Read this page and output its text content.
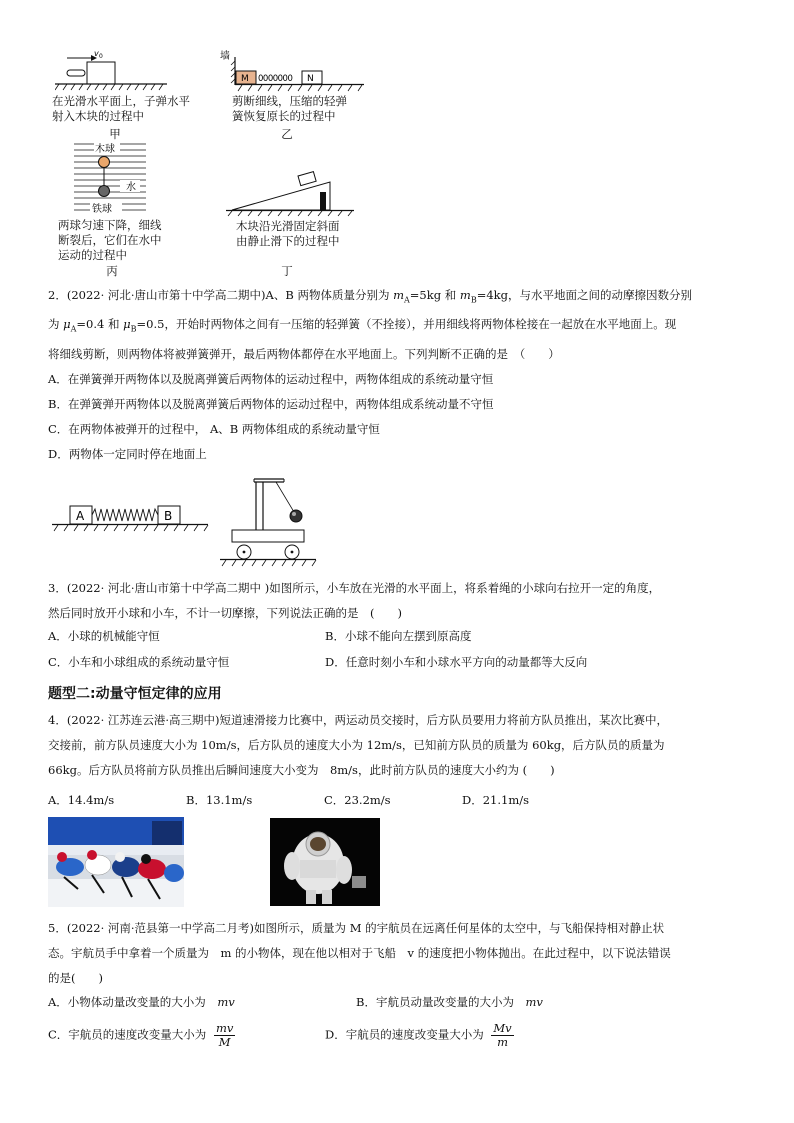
v 0
在光滑水平面上，子弹水平
射入木块的过程中
甲
墙
M 0000000 N
剪断细线，压缩的轻弹
簧恢复原长的过程中
乙
木球
水
铁球
两球匀速下降，细线
断裂后，它们在水中
运动的过程中
丙
木块沿光滑固定斜面
由静止滑下的过程中
丁
2．(2022· 河北·唐山市第十中学高二期中)A、B 两物体质量分别为 $m_A=5kg$ 和 $m_B=4kg$，与水平地面之间的动摩擦因数分别
为 $\mu_A=0.4$ 和 $\mu_B=0.5$，开始时两物体之间有一压缩的轻弹簧（不拴接），并用细线将两物体栓接在一起放在水平地面上。现
将细线剪断，则两物体将被弹簧弹开，最后两物体都停在水平地面上。下列判断不正确的是　（　　）
A．在弹簧弹开两物体以及脱离弹簧后两物体的运动过程中，两物体组成的系统动量守恒
B．在弹簧弹开两物体以及脱离弹簧后两物体的运动过程中，两物体组成系统动量不守恒
C．在两物体被弹开的过程中， A、B 两物体组成的系统动量守恒
D．两物体一定同时停在地面上
A	B
3．(2022· 河北·唐山市第十中学高二期中 )如图所示，小车放在光滑的水平面上，将系着绳的小球向右拉开一定的角度，
然后同时放开小球和小车，不计一切摩擦，下列说法正确的是　(　　)
A．小球的机械能守恒	B．小球不能向左摆到原高度
C．小车和小球组成的系统动量守恒	D．任意时刻小车和小球水平方向的动量都等大反向
题型二:动量守恒定律的应用
4．(2022· 江苏连云港·高三期中)短道速滑接力比赛中，两运动员交接时，后方队员要用力将前方队员推出，某次比赛中，
交接前，前方队员速度大小为 10m/s，后方队员的速度大小为 12m/s，已知前方队员的质量为 60kg，后方队员的质量为
66kg。后方队员将前方队员推出后瞬间速度大小变为　8m/s，此时前方队员的速度大小约为 (　　)
A．14.4m/s	B．13.1m/s	C．23.2m/s	D．21.1m/s
5．(2022· 河南·范县第一中学高二月考)如图所示，质量为 M 的宇航员在远离任何星体的太空中，与飞船保持相对静止状
态。宇航员手中拿着一个质量为　m 的小物体，现在他以相对于飞船　v 的速度把小物体抛出。在此过程中，以下说法错误
的是(　　)
A．小物体动量改变量的大小为　 mv	B．宇航员动量改变量的大小为　 mv
C．宇航员的速度改变量大小为 $\frac{mv}{M}$	D．宇航员的速度改变量大小为 $\frac{Mv}{m}$
